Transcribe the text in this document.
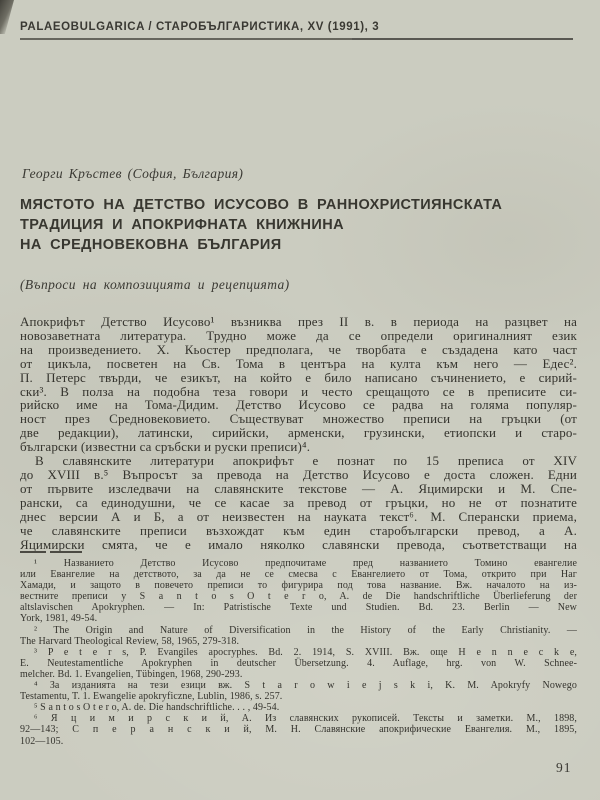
PALAEOBULGARICA / СТАРОБЪЛГАРИСТИКА, XV (1991), 3
Георги Кръстев (София, България)
МЯСТОТО НА ДЕТСТВО ИСУСОВО В РАННОХРИСТИЯНСКАТА
ТРАДИЦИЯ И АПОКРИФНАТА КНИЖНИНА
НА СРЕДНОВЕКОВНА БЪЛГАРИЯ
(Въпроси на композицията и рецепцията)
Апокрифът Детство Исусово¹ възниква през II в. в периода на разцвет на
новозаветната литература. Трудно може да се определи оригиналният език
на произведението. Х. Кьостер предполага, че творбата е създадена като част
от цикъла, посветен на Св. Тома в центъра на култа към него — Едес².
П. Петерс твърди, че езикът, на който е било написано съчинението, е сирий-
ски³. В полза на подобна теза говори и често срещащото се в преписите си-
рийско име на Тома-Дидим. Детство Исусово се радва на голяма популяр-
ност през Средновековието. Съществуват множество преписи на гръцки (от
две редакции), латински, сирийски, арменски, грузински, етиопски и старо-
български (известни са сръбски и руски преписи)⁴.
В славянските литератури апокрифът е познат по 15 преписа от XIV
до XVIII в.⁵ Въпросът за превода на Детство Исусово е доста сложен. Едни
от първите изследвачи на славянските текстове — А. Яцимирски и М. Спе-
рански, са единодушни, че се касае за превод от гръцки, но не от познатите
днес версии А и Б, а от неизвестен на науката текст⁶. М. Сперански приема,
че славянските преписи възхождат към един старобългарски превод, а А.
Яцимирски смята, че е имало няколко славянски превода, съответстващи на
¹ Названието Детство Исусово предпочитаме пред названието Томино евангелие
или Евангелие на детството, за да не се смесва с Евангелието от Тома, открито при Наг
Хамади, и защото в повечето преписи то фигурира под това название. Вж. началото на из-
вестните преписи у S a n t o s O t e r o, A. de Die handschriftliche Überlieferung der
altslavischen Apokryphen. — In: Patristische Texte und Studien. Bd. 23. Berlin — New
York, 1981, 49-54.
² The Origin and Nature of Diversification in the History of the Early Christianity. —
The Harvard Theological Review, 58, 1965, 279-318.
³ P e t e r s, P. Evangiles apocryphes. Bd. 2. 1914, S. XVIII. Вж. още H e n n e c k e,
E. Neutestamentliche Apokryphen in deutscher Übersetzung. 4. Auflage, hrg. von W. Schnee-
melcher. Bd. 1. Evangelien, Tübingen, 1968, 290-293.
⁴ За изданията на тези езици вж. S t a r o w i e j s k i, K. M. Apokryfy Nowego
Testamentu, T. 1. Ewangelie apokryficzne, Lublin, 1986, s. 257.
⁵ S a n t o s O t e r o, A. de. Die handschriftliche. . . , 49-54.
⁶ Я ц и м и р с к и й, А. Из славянских рукописей. Тексты и заметки. М., 1898,
92—143; С п е р а н с к и й, М. Н. Славянские апокрифические Евангелия. М., 1895,
102—105.
91
